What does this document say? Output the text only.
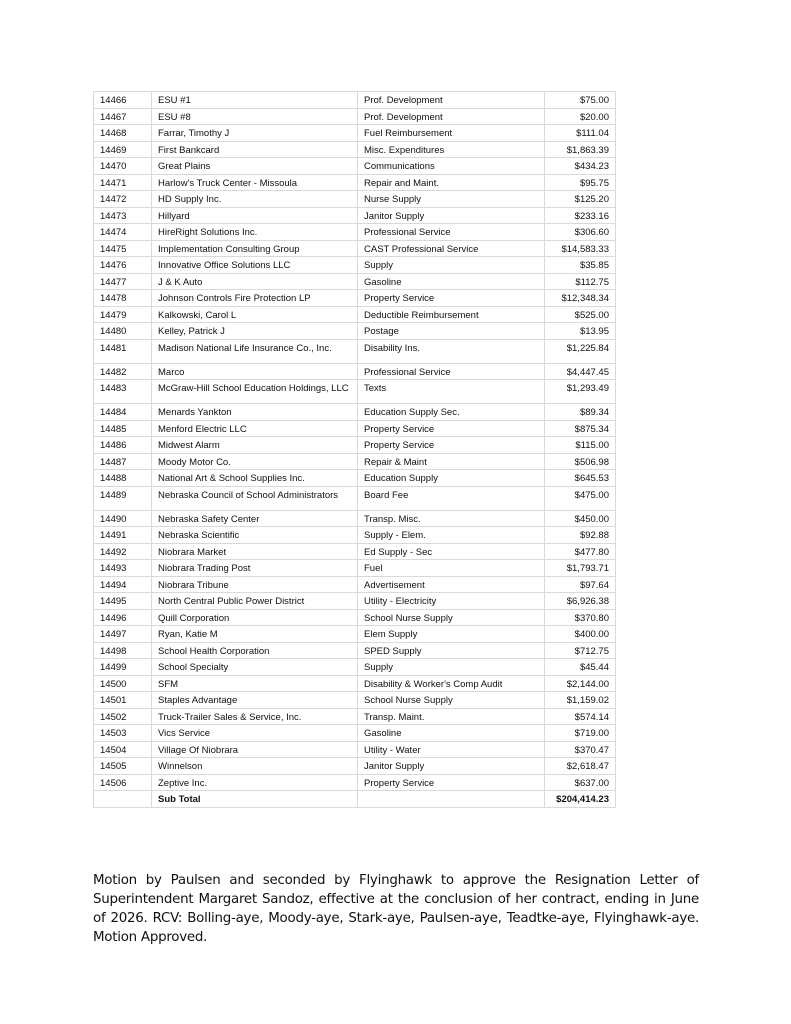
14466	ESU #1	Prof. Development	$75.00
14467	ESU #8	Prof. Development	$20.00
14468	Farrar, Timothy J	Fuel Reimbursement	$111.04
14469	First Bankcard	Misc. Expenditures	$1,863.39
14470	Great Plains	Communications	$434.23
14471	Harlow's Truck Center - Missoula	Repair and Maint.	$95.75
14472	HD Supply Inc.	Nurse Supply	$125.20
14473	Hillyard	Janitor Supply	$233.16
14474	HireRight Solutions Inc.	Professional Service	$306.60
14475	Implementation Consulting Group	CAST Professional Service	$14,583.33
14476	Innovative Office Solutions LLC	Supply	$35.85
14477	J & K Auto	Gasoline	$112.75
14478	Johnson Controls Fire Protection LP	Property Service	$12,348.34
14479	Kalkowski, Carol L	Deductible Reimbursement	$525.00
14480	Kelley, Patrick J	Postage	$13.95
14481	Madison National Life Insurance Co., Inc.	Disability Ins.	$1,225.84
14482	Marco	Professional Service	$4,447.45
14483	McGraw-Hill School Education Holdings, LLC	Texts	$1,293.49
14484	Menards Yankton	Education Supply Sec.	$89.34
14485	Menford Electric LLC	Property Service	$875.34
14486	Midwest Alarm	Property Service	$115.00
14487	Moody Motor Co.	Repair & Maint	$506.98
14488	National Art & School Supplies Inc.	Education Supply	$645.53
14489	Nebraska Council of School Administrators	Board Fee	$475.00
14490	Nebraska Safety Center	Transp. Misc.	$450.00
14491	Nebraska Scientific	Supply - Elem.	$92.88
14492	Niobrara Market	Ed Supply - Sec	$477.80
14493	Niobrara Trading Post	Fuel	$1,793.71
14494	Niobrara Tribune	Advertisement	$97.64
14495	North Central Public Power District	Utility - Electricity	$6,926.38
14496	Quill Corporation	School Nurse Supply	$370.80
14497	Ryan, Katie M	Elem Supply	$400.00
14498	School Health Corporation	SPED Supply	$712.75
14499	School Specialty	Supply	$45.44
14500	SFM	Disability & Worker's Comp Audit	$2,144.00
14501	Staples Advantage	School Nurse Supply	$1,159.02
14502	Truck-Trailer Sales & Service, Inc.	Transp. Maint.	$574.14
14503	Vics Service	Gasoline	$719.00
14504	Village Of Niobrara	Utility - Water	$370.47
14505	Winnelson	Janitor Supply	$2,618.47
14506	Zeptive Inc.	Property Service	$637.00
	Sub Total		$204,414.23

Motion by Paulsen and seconded by Flyinghawk to approve the Resignation Letter of Superintendent Margaret Sandoz, effective at the conclusion of her contract, ending in June of 2026. RCV: Bolling-aye, Moody-aye, Stark-aye, Paulsen-aye, Teadtke-aye, Flyinghawk-aye. Motion Approved.
